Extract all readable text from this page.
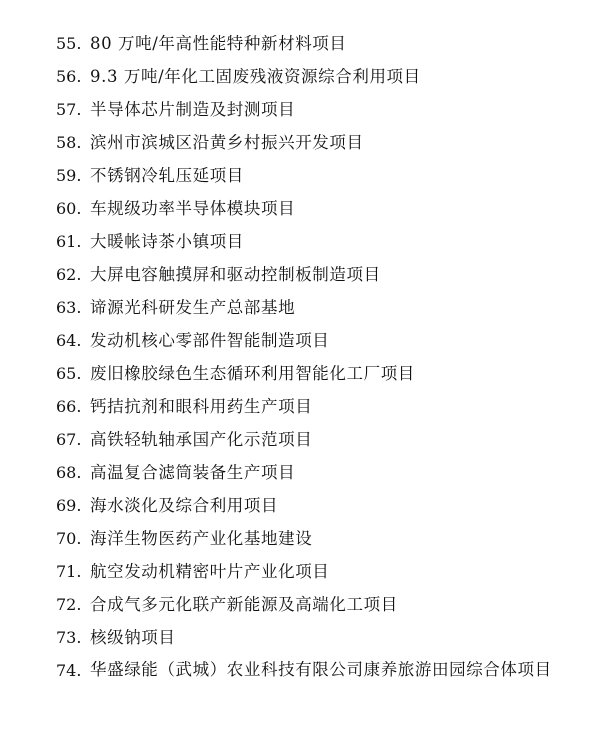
55. 80 万吨/年高性能特种新材料项目
56. 9.3 万吨/年化工固废残液资源综合利用项目
57. 半导体芯片制造及封测项目
58. 滨州市滨城区沿黄乡村振兴开发项目
59. 不锈钢冷轧压延项目
60. 车规级功率半导体模块项目
61. 大暖帐诗茶小镇项目
62. 大屏电容触摸屏和驱动控制板制造项目
63. 谛源光科研发生产总部基地
64. 发动机核心零部件智能制造项目
65. 废旧橡胶绿色生态循环利用智能化工厂项目
66. 钙拮抗剂和眼科用药生产项目
67. 高铁轻轨轴承国产化示范项目
68. 高温复合滤筒装备生产项目
69. 海水淡化及综合利用项目
70. 海洋生物医药产业化基地建设
71. 航空发动机精密叶片产业化项目
72. 合成气多元化联产新能源及高端化工项目
73. 核级钠项目
74. 华盛绿能（武城）农业科技有限公司康养旅游田园综合体项目
